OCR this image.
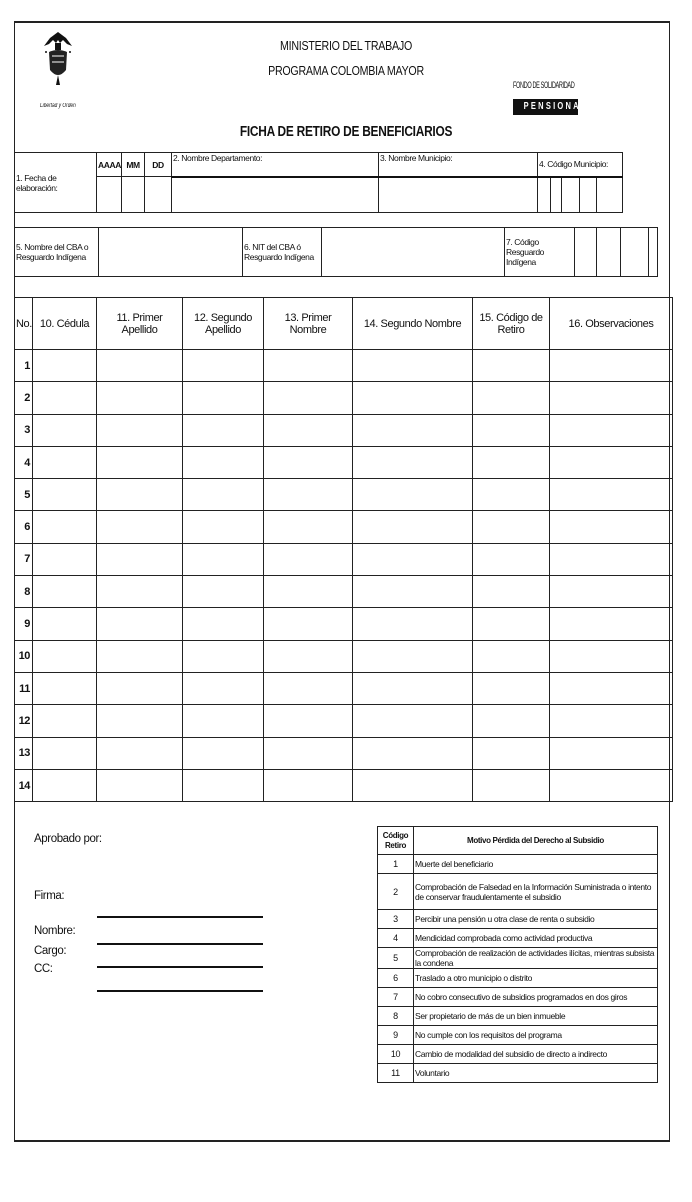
Libertad y Orden
MINISTERIO DEL TRABAJO
PROGRAMA COLOMBIA MAYOR
FICHA DE RETIRO DE BENEFICIARIOS
FONDO DE SOLIDARIDAD
PENSIONAL
1. Fecha de elaboración:	AAAA	MM	DD	2. Nombre Departamento:	3. Nombre Municipio:	4. Código Municipio:				

5. Nombre del CBA o Resguardo Indígena		6. NIT del CBA ó Resguardo Indígena		7. Código Resguardo Indígena				
No.	10. Cédula	11. Primer Apellido	12. Segundo Apellido	13. Primer Nombre	14. Segundo Nombre	15. Código de Retiro	16. Observaciones
1							
2							
3							
4							
5							
6							
7							
8							
9							
10							
11							
12							
13							
14							
Aprobado por:
Firma:
Nombre:
Cargo:
CC:
Código Retiro	Motivo Pérdida del Derecho al Subsidio
1	Muerte del beneficiario
2	Comprobación de Falsedad en la Información Suministrada o intento de conservar fraudulentamente el subsidio
3	Percibir una pensión u otra clase de renta o subsidio
4	Mendicidad comprobada como actividad productiva
5	Comprobación de realización de actividades ilícitas, mientras subsista la condena
6	Traslado a otro municipio o distrito
7	No cobro consecutivo de subsidios programados en dos giros
8	Ser propietario de más de un bien inmueble
9	No cumple con los requisitos del programa
10	Cambio de modalidad del subsidio de directo a indirecto
11	Voluntario
